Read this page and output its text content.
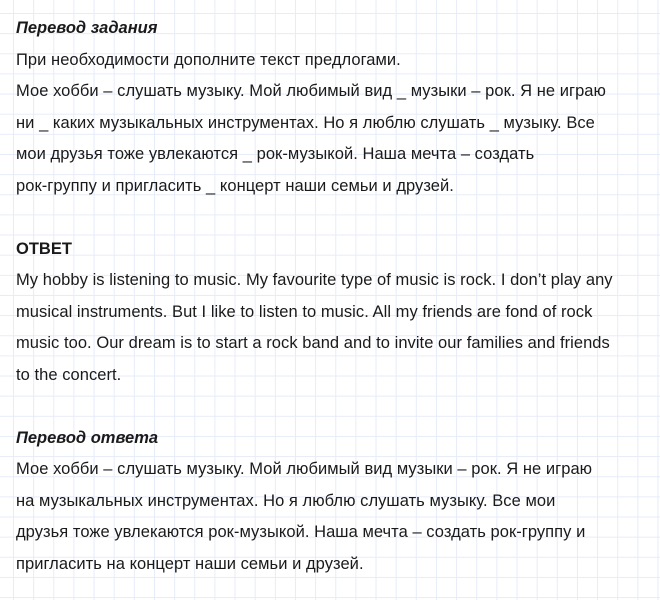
Перевод задания
При необходимости дополните текст предлогами.
Мое хобби – слушать музыку. Мой любимый вид _ музыки – рок. Я не играю
ни _ каких музыкальных инструментах. Но я люблю слушать _ музыку. Все
мои друзья тоже увлекаются _ рок-музыкой. Наша мечта – создать
рок-группу и пригласить _ концерт наши семьи и друзей.
ОТВЕТ
My hobby is listening to music. My favourite type of music is rock. I don’t play any
musical instruments. But I like to listen to music. All my friends are fond of rock
music too. Our dream is to start a rock band and to invite our families and friends
to the concert.
Перевод ответа
Мое хобби – слушать музыку. Мой любимый вид музыки – рок. Я не играю
на музыкальных инструментах. Но я люблю слушать музыку. Все мои
друзья тоже увлекаются рок-музыкой. Наша мечта – создать рок-группу и
пригласить на концерт наши семьи и друзей.
